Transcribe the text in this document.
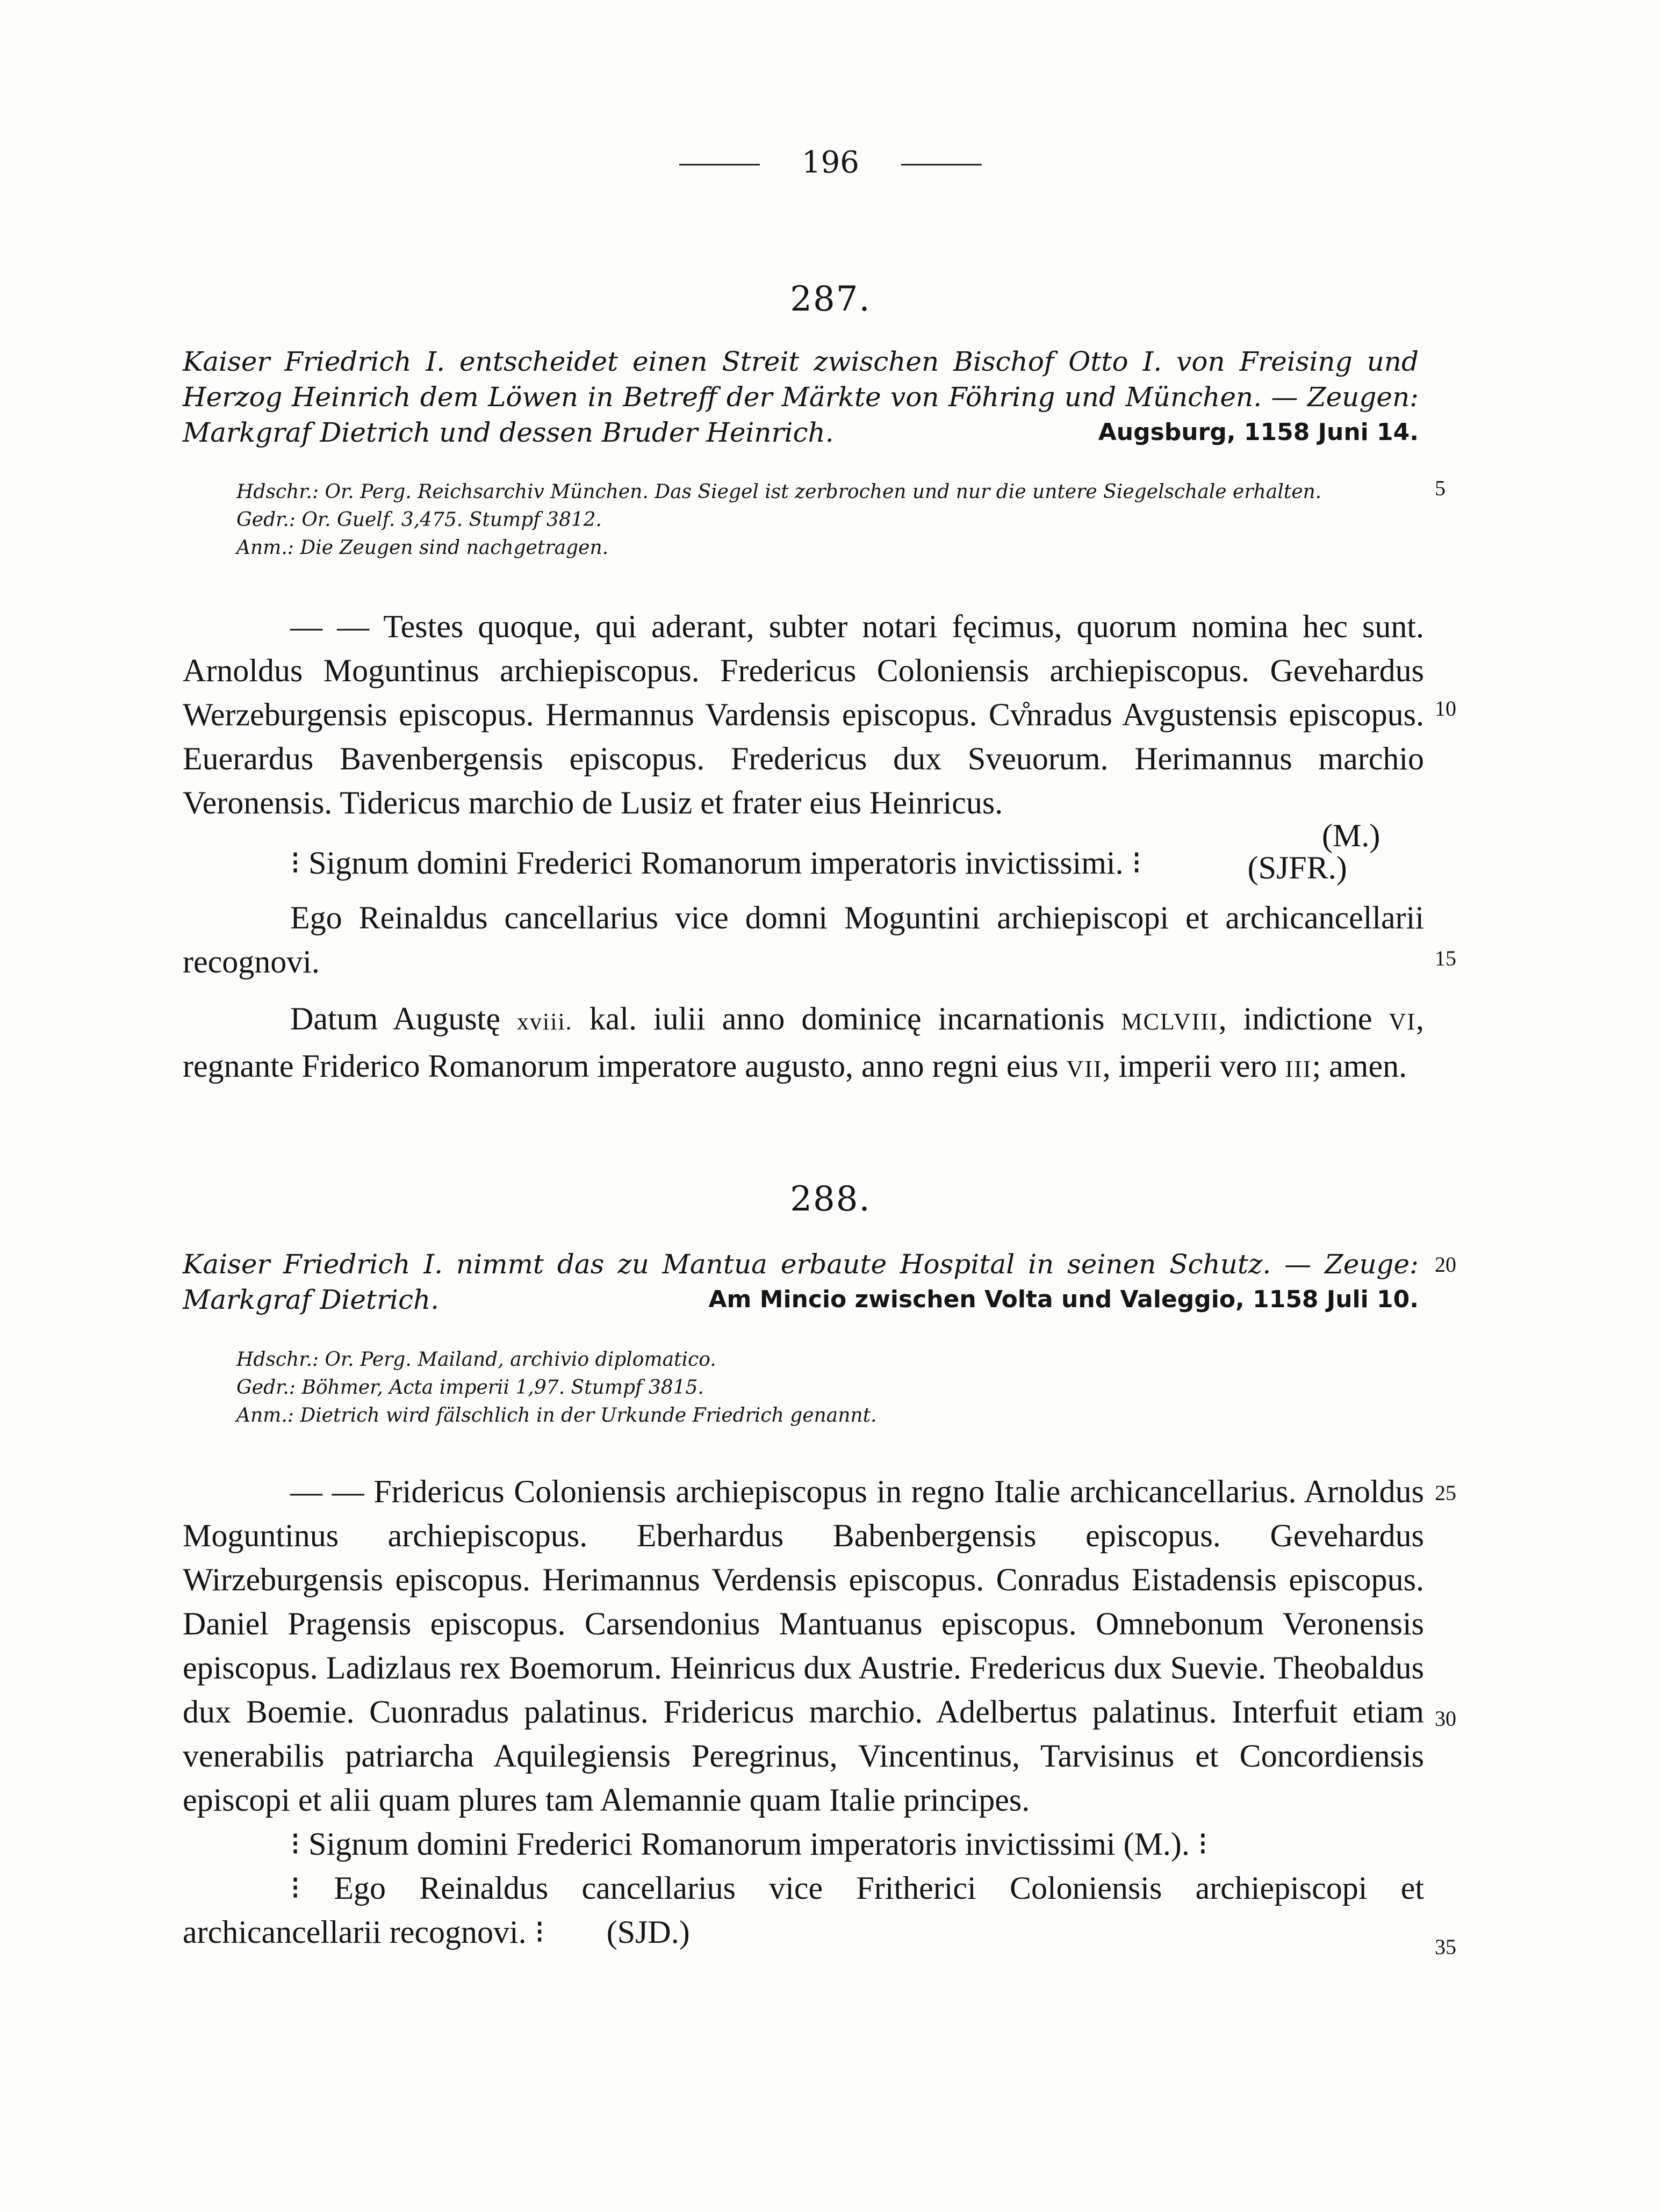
196
287.
Kaiser Friedrich I. entscheidet einen Streit zwischen Bischof Otto I. von Freising und Herzog Heinrich dem Löwen in Betreff der Märkte von Föhring und München. — Zeugen: Markgraf Dietrich und dessen Bruder Heinrich.	Augsburg, 1158 Juni 14.
Hdschr.: Or. Perg. Reichsarchiv München. Das Siegel ist zerbrochen und nur die untere Siegelschale erhalten.
Gedr.: Or. Guelf. 3,475. Stumpf 3812.
Anm.: Die Zeugen sind nachgetragen.

— — Testes quoque, qui aderant, subter notari fęcimus, quorum nomina hec sunt. Arnoldus Moguntinus archiepiscopus. Fredericus Coloniensis archiepiscopus. Gevehardus Werzeburgensis episcopus. Hermannus Vardensis episcopus. Cv̊nradus Avgustensis episcopus. Euerardus Bavenbergensis episcopus. Fredericus dux Sveuorum. Herimannus marchio Veronensis. Tidericus marchio de Lusiz et frater eius Heinricus.

⁝ Signum domini Frederici Romanorum imperatoris invictissimi. ⁝
(M.)
(SJFR.)

Ego Reinaldus cancellarius vice domni Moguntini archiepiscopi et archicancellarii recognovi.

Datum Augustę xviii. kal. iulii anno dominicę incarnationis MCLVIII, indictione VI, regnante Friderico Romanorum imperatore augusto, anno regni eius VII, imperii vero III; amen.

288.
Kaiser Friedrich I. nimmt das zu Mantua erbaute Hospital in seinen Schutz. — Zeuge: Markgraf Dietrich.	Am Mincio zwischen Volta und Valeggio, 1158 Juli 10.
Hdschr.: Or. Perg. Mailand, archivio diplomatico.
Gedr.: Böhmer, Acta imperii 1,97. Stumpf 3815.
Anm.: Dietrich wird fälschlich in der Urkunde Friedrich genannt.

— — Fridericus Coloniensis archiepiscopus in regno Italie archicancellarius. Arnoldus Moguntinus archiepiscopus. Eberhardus Babenbergensis episcopus. Gevehardus Wirzeburgensis episcopus. Herimannus Verdensis episcopus. Conradus Eistadensis episcopus. Daniel Pragensis episcopus. Carsendonius Mantuanus episcopus. Omnebonum Veronensis episcopus. Ladizlaus rex Boemorum. Heinricus dux Austrie. Fredericus dux Suevie. Theobaldus dux Boemie. Cuonradus palatinus. Fridericus marchio. Adelbertus palatinus. Interfuit etiam venerabilis patriarcha Aquilegiensis Peregrinus, Vincentinus, Tarvisinus et Concordiensis episcopi et alii quam plures tam Alemannie quam Italie principes.

⁝ Signum domini Frederici Romanorum imperatoris invictissimi (M.). ⁝

⁝ Ego Reinaldus cancellarius vice Fritherici Coloniensis archiepiscopi et archicancellarii recognovi. ⁝ (SJD.)

5
10
15
20
25
30
35
